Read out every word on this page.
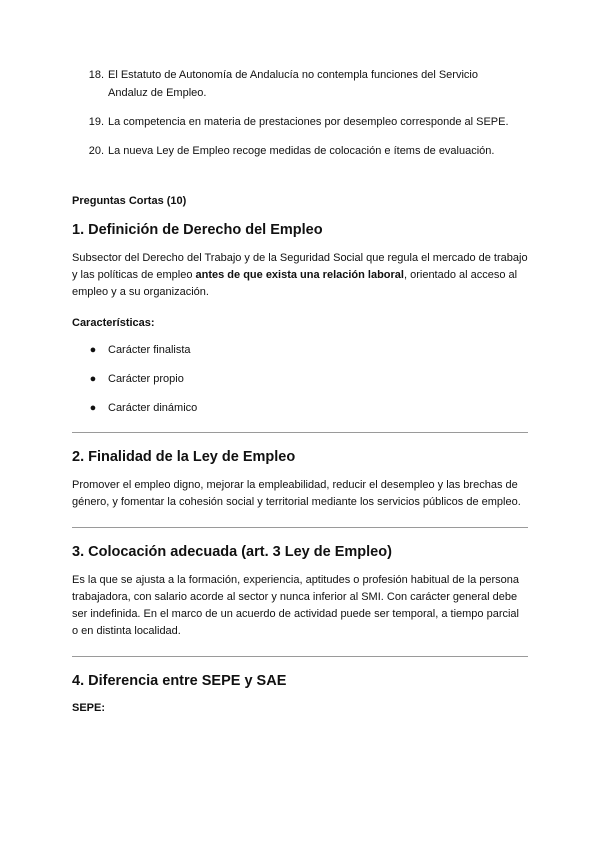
18. El Estatuto de Autonomía de Andalucía no contempla funciones del Servicio Andaluz de Empleo.
19. La competencia en materia de prestaciones por desempleo corresponde al SEPE.
20. La nueva Ley de Empleo recoge medidas de colocación e ítems de evaluación.
Preguntas Cortas (10)
1. Definición de Derecho del Empleo

Subsector del Derecho del Trabajo y de la Seguridad Social que regula el mercado de trabajo y las políticas de empleo antes de que exista una relación laboral, orientado al acceso al empleo y a su organización.

Características:
●	Carácter finalista
●	Carácter propio
●	Carácter dinámico
2. Finalidad de la Ley de Empleo

Promover el empleo digno, mejorar la empleabilidad, reducir el desempleo y las brechas de género, y fomentar la cohesión social y territorial mediante los servicios públicos de empleo.

3. Colocación adecuada (art. 3 Ley de Empleo)

Es la que se ajusta a la formación, experiencia, aptitudes o profesión habitual de la persona trabajadora, con salario acorde al sector y nunca inferior al SMI. Con carácter general debe ser indefinida. En el marco de un acuerdo de actividad puede ser temporal, a tiempo parcial o en distinta localidad.

4. Diferencia entre SEPE y SAE
SEPE:
